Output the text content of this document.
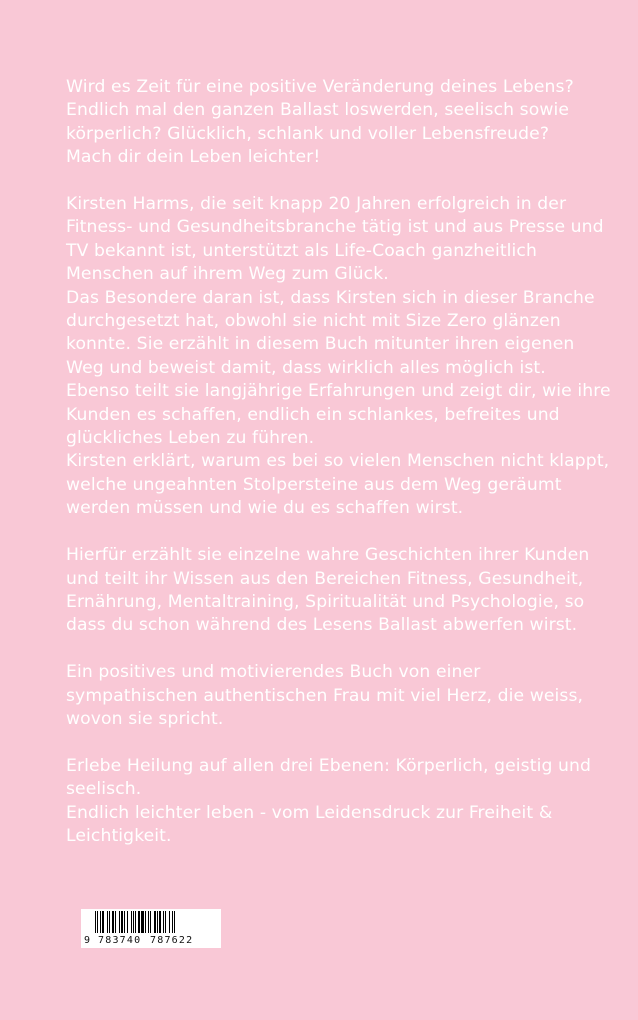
Wird es Zeit für eine positive Veränderung deines Lebens?
Endlich mal den ganzen Ballast loswerden, seelisch sowie
körperlich? Glücklich, schlank und voller Lebensfreude?
Mach dir dein Leben leichter!

Kirsten Harms, die seit knapp 20 Jahren erfolgreich in der
Fitness- und Gesundheitsbranche tätig ist und aus Presse und
TV bekannt ist, unterstützt als Life-Coach ganzheitlich
Menschen auf ihrem Weg zum Glück.
Das Besondere daran ist, dass Kirsten sich in dieser Branche
durchgesetzt hat, obwohl sie nicht mit Size Zero glänzen
konnte. Sie erzählt in diesem Buch mitunter ihren eigenen
Weg und beweist damit, dass wirklich alles möglich ist.
Ebenso teilt sie langjährige Erfahrungen und zeigt dir, wie ihre
Kunden es schaffen, endlich ein schlankes, befreites und
glückliches Leben zu führen.
Kirsten erklärt, warum es bei so vielen Menschen nicht klappt,
welche ungeahnten Stolpersteine aus dem Weg geräumt
werden müssen und wie du es schaffen wirst.

Hierfür erzählt sie einzelne wahre Geschichten ihrer Kunden
und teilt ihr Wissen aus den Bereichen Fitness, Gesundheit,
Ernährung, Mentaltraining, Spiritualität und Psychologie, so
dass du schon während des Lesens Ballast abwerfen wirst.

Ein positives und motivierendes Buch von einer
sympathischen authentischen Frau mit viel Herz, die weiss,
wovon sie spricht.

Erlebe Heilung auf allen drei Ebenen: Körperlich, geistig und
seelisch.
Endlich leichter leben - vom Leidensdruck zur Freiheit &
Leichtigkeit.

9 783740 787622
